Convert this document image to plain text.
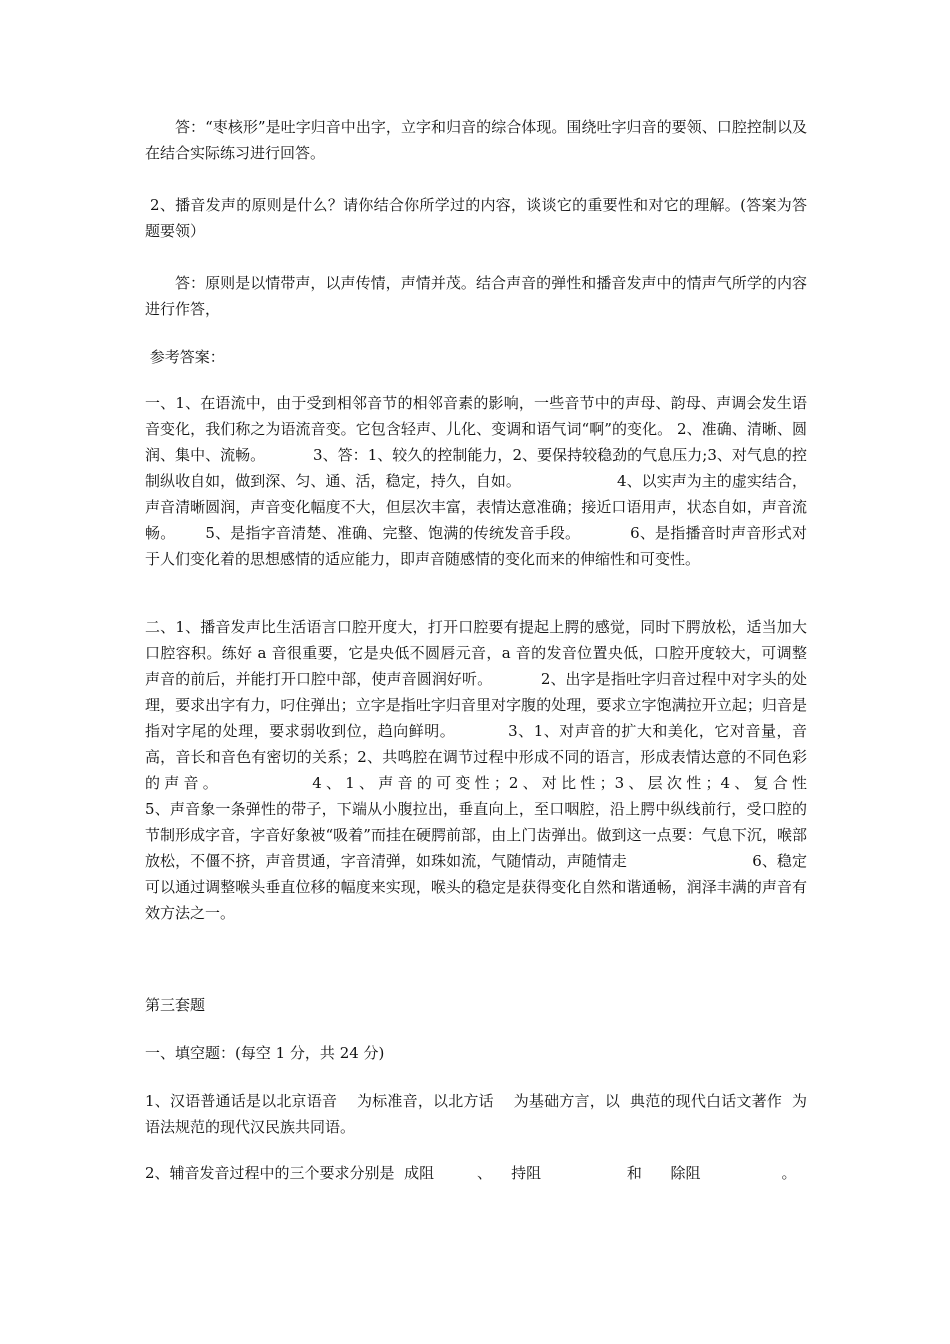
答：“枣核形”是吐字归音中出字，立字和归音的综合体现。围绕吐字归音的要领、口腔控制以及在结合实际练习进行回答。

2、播音发声的原则是什么？请你结合你所学过的内容，谈谈它的重要性和对它的理解。(答案为答题要领）

答：原则是以情带声，以声传情，声情并茂。结合声音的弹性和播音发声中的情声气所学的内容进行作答，

参考答案：

一、1、在语流中，由于受到相邻音节的相邻音素的影响，一些音节中的声母、韵母、声调会发生语音变化，我们称之为语流音变。它包含轻声、儿化、变调和语气词“啊”的变化。 2、准确、清晰、圆润、集中、流畅。          3、答：1、较久的控制能力，2、要保持较稳劲的气息压力;3、对气息的控制纵收自如，做到深、匀、通、活，稳定，持久，自如。                    4、以实声为主的虚实结合，声音清晰圆润，声音变化幅度不大，但层次丰富，表情达意准确；接近口语用声，状态自如，声音流畅。      5、是指字音清楚、准确、完整、饱满的传统发音手段。          6、是指播音时声音形式对于人们变化着的思想感情的适应能力，即声音随感情的变化而来的伸缩性和可变性。

二、1、播音发声比生活语言口腔开度大，打开口腔要有提起上腭的感觉，同时下腭放松，适当加大口腔容积。练好 a 音很重要，它是央低不圆唇元音，a 音的发音位置央低，口腔开度较大，可调整声音的前后，并能打开口腔中部，使声音圆润好听。          2、出字是指吐字归音过程中对字头的处理，要求出字有力，叼住弹出；立字是指吐字归音里对字腹的处理，要求立字饱满拉开立起；归音是指对字尾的处理，要求弱收到位，趋向鲜明。          3、1、对声音的扩大和美化，它对音量，音高，音长和音色有密切的关系；2、共鸣腔在调节过程中形成不同的语言，形成表情达意的不同色彩的声音。          4、1、声音的可变性；2、对比性；3、层次性；4、复合性                              5、声音象一条弹性的带子，下端从小腹拉出，垂直向上，至口咽腔，沿上腭中纵线前行，受口腔的节制形成字音，字音好象被“吸着”而挂在硬腭前部，由上门齿弹出。做到这一点要：气息下沉，喉部放松，不僵不挤，声音贯通，字音清弹，如珠如流，气随情动，声随情走                          6、稳定可以通过调整喉头垂直位移的幅度来实现，喉头的稳定是获得变化自然和谐通畅，润泽丰满的声音有效方法之一。

第三套题

一、填空题：(每空 1 分，共 24 分)

1、汉语普通话是以北京语音    为标准音，以北方话    为基础方言，以  典范的现代白话文著作  为语法规范的现代汉民族共同语。

2、辅音发音过程中的三个要求分别是  成阻         、    持阻                  和      除阻                 。
